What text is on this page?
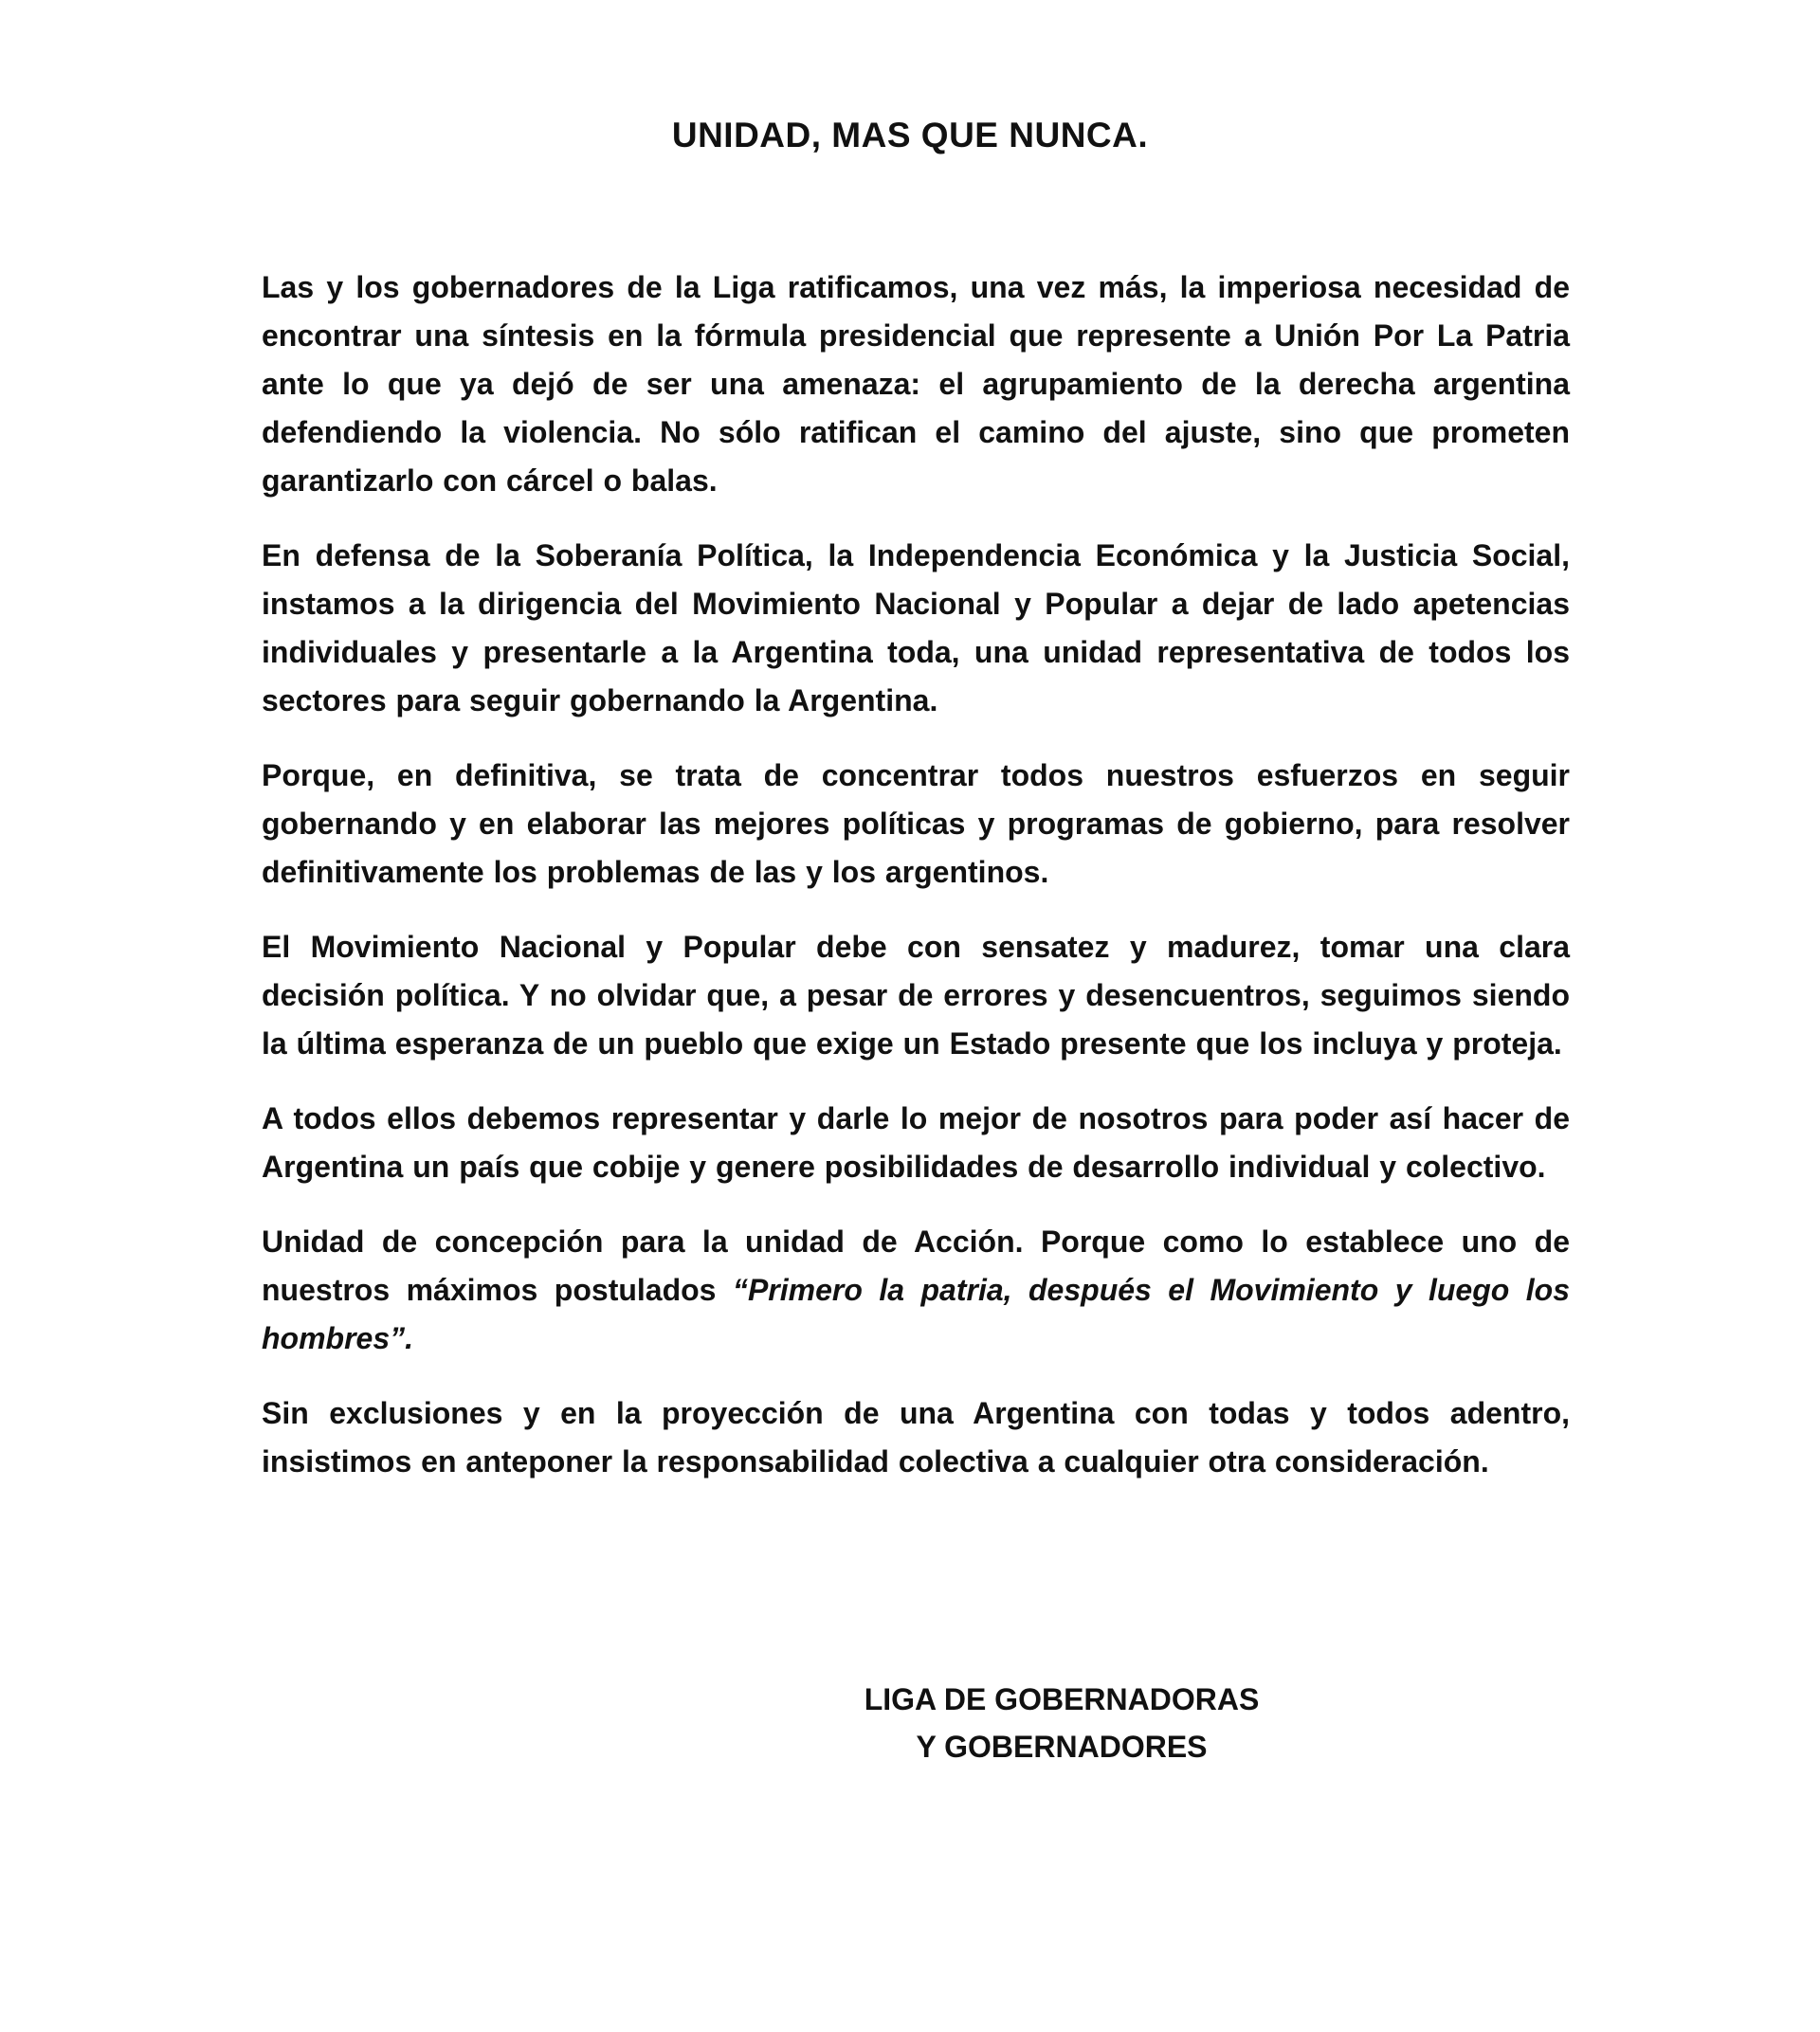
UNIDAD, MAS QUE NUNCA.

Las y los gobernadores de la Liga ratificamos, una vez más, la imperiosa necesidad de encontrar una síntesis en la fórmula presidencial que represente a Unión Por La Patria ante lo que ya dejó de ser una amenaza: el agrupamiento de la derecha argentina defendiendo la violencia. No sólo ratifican el camino del ajuste, sino que prometen garantizarlo con cárcel o balas.

En defensa de la Soberanía Política, la Independencia Económica y la Justicia Social, instamos a la dirigencia del Movimiento Nacional y Popular a dejar de lado apetencias individuales y presentarle a la Argentina toda, una unidad representativa de todos los sectores para seguir gobernando la Argentina.

Porque, en definitiva, se trata de concentrar todos nuestros esfuerzos en seguir gobernando y en elaborar las mejores políticas y programas de gobierno, para resolver definitivamente los problemas de las y los argentinos.

El Movimiento Nacional y Popular debe con sensatez y madurez, tomar una clara decisión política. Y no olvidar que, a pesar de errores y desencuentros, seguimos siendo la última esperanza de un pueblo que exige un Estado presente que los incluya y proteja.

A todos ellos debemos representar y darle lo mejor de nosotros para poder así hacer de Argentina un país que cobije y genere posibilidades de desarrollo individual y colectivo.

Unidad de concepción para la unidad de Acción. Porque como lo establece uno de nuestros máximos postulados “Primero la patria, después el Movimiento y luego los hombres”.

Sin exclusiones y en la proyección de una Argentina con todas y todos adentro, insistimos en anteponer la responsabilidad colectiva a cualquier otra consideración.

LIGA DE GOBERNADORAS
Y GOBERNADORES
